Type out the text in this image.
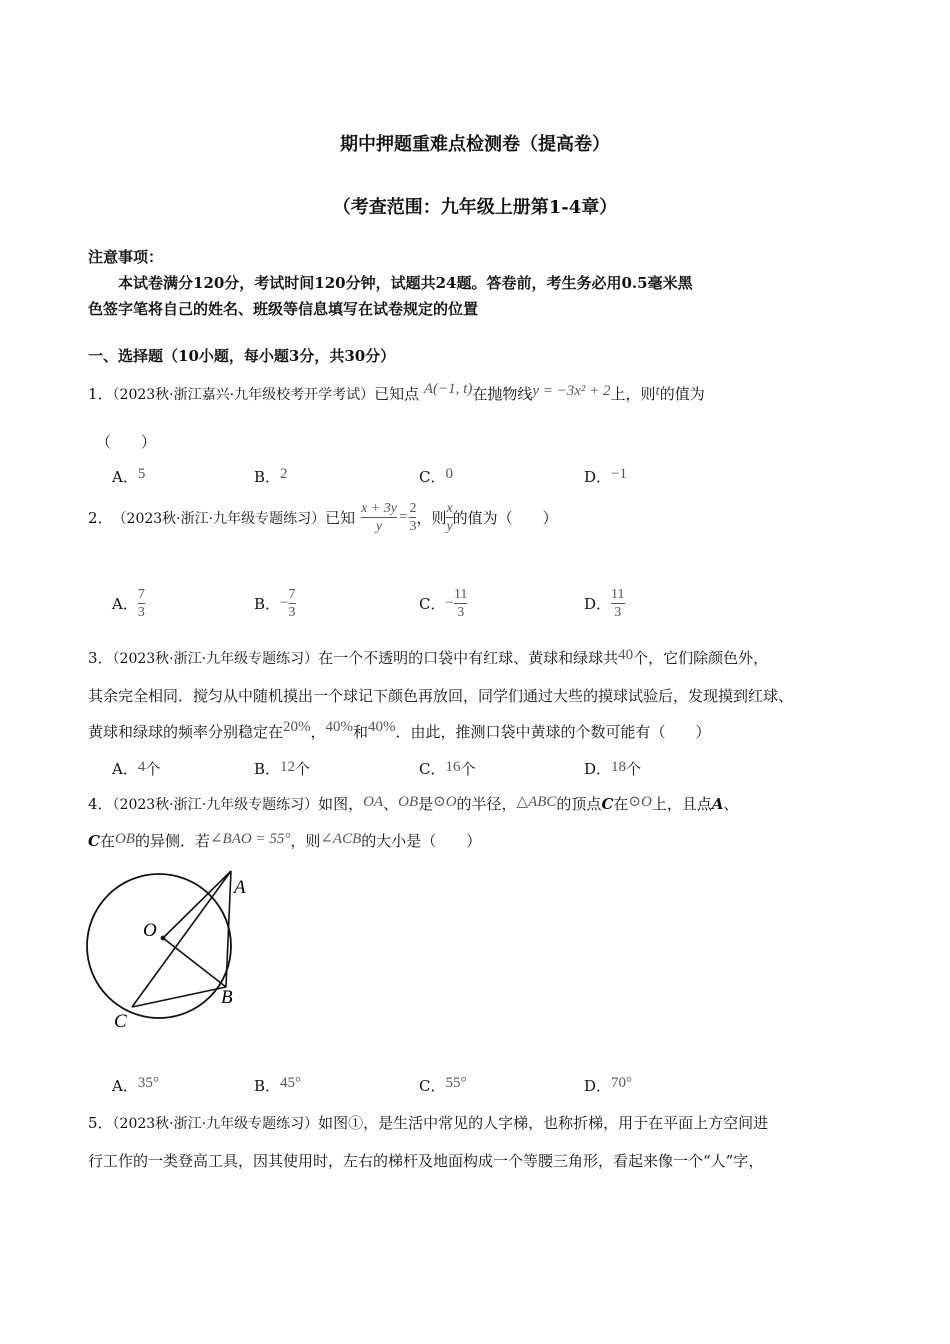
期中押题重难点检测卷（提高卷）
（考查范围：九年级上册第1-4章）
注意事项：
本试卷满分120分，考试时间120分钟，试题共24题。答卷前，考生务必用0.5毫米黑
色签字笔将自己的姓名、班级等信息填写在试卷规定的位置
一、选择题（10小题，每小题3分，共30分）
1．（2023秋·浙江嘉兴·九年级校考开学考试）已知点 A(−1, t)在抛物线y = −3x² + 2上，则t的值为
（　　）
A．5	B．2	C．0	D．−1
2． （2023秋·浙江·九年级专题练习） 已知 $\frac{x + 3y}{y} = \frac{2}{3}$ ，则 $\frac{x}{y}$ 的值为（　　）
A． $\frac{7}{3}$	B． − $\frac{7}{3}$	C． − $\frac{11}{3}$	D． $\frac{11}{3}$
3．（2023秋·浙江·九年级专题练习）在一个不透明的口袋中有红球、黄球和绿球共40个，它们除颜色外，
其余完全相同．搅匀从中随机摸出一个球记下颜色再放回，同学们通过大些的摸球试验后，发现摸到红球、
黄球和绿球的频率分别稳定在20%，40%和40%．由此，推测口袋中黄球的个数可能有（　　）
A．4个	B．12个	C．16个	D．18个
4．（2023秋·浙江·九年级专题练习）如图，OA、OB是⊙O的半径，△ABC的顶点C在⊙O上，且点A、
C在OB的异侧．若∠BAO = 55°，则∠ACB的大小是（　　）
A
B
C
O
A．35°	B．45°	C．55°	D．70°
5．（2023秋·浙江·九年级专题练习）如图①，是生活中常见的人字梯，也称折梯，用于在平面上方空间进
行工作的一类登高工具，因其使用时，左右的梯杆及地面构成一个等腰三角形，看起来像一个“人”字，
